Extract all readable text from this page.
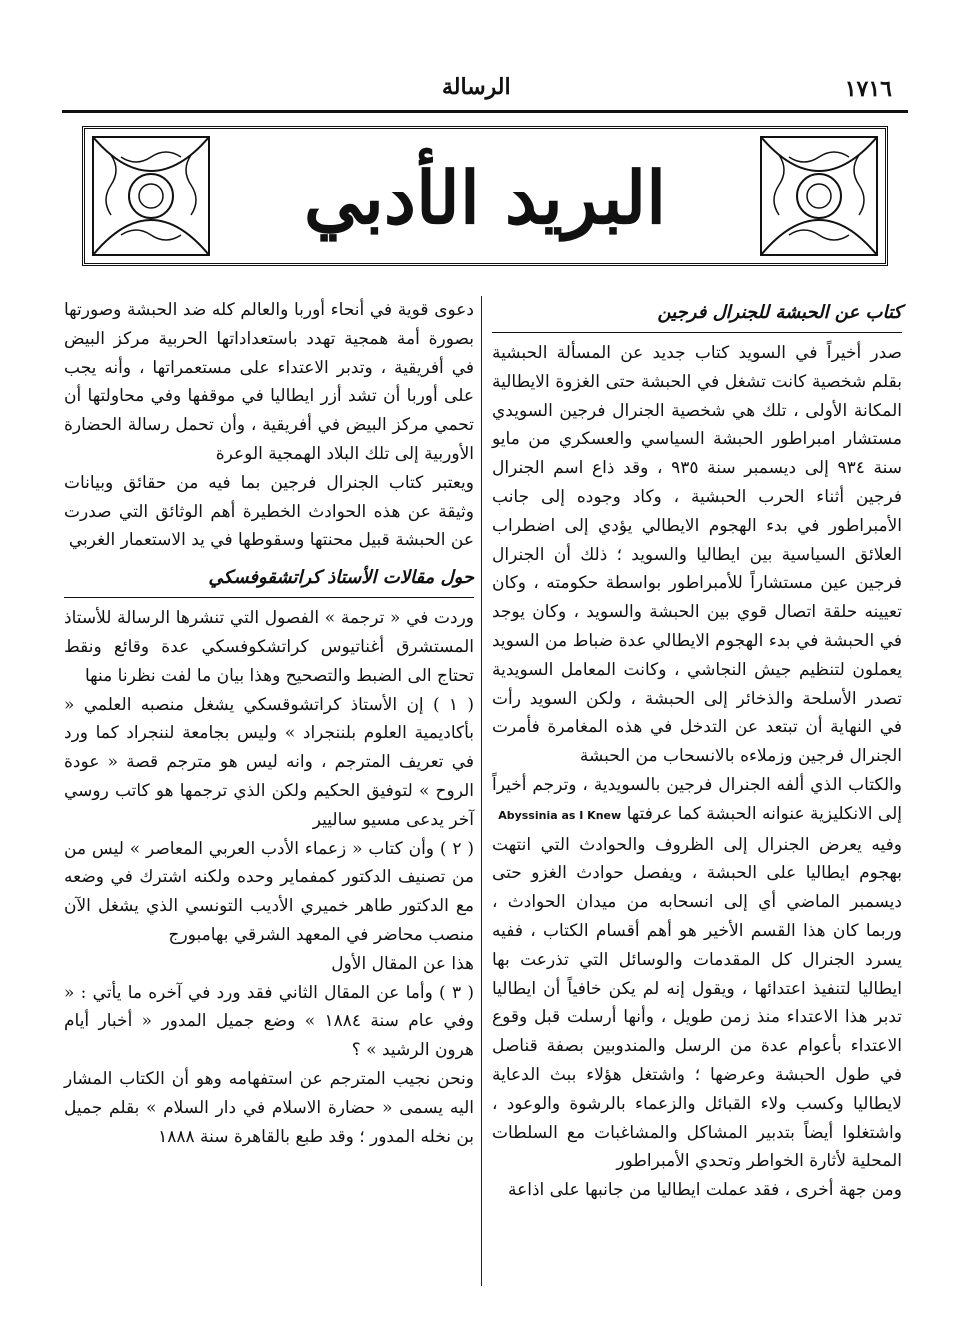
١٧١٦
الرسالة
البريد الأدبي
كتاب عن الحبشة للجنرال فرجين

صدر أخيراً في السويد كتاب جديد عن المسألة الحبشية بقلم شخصية كانت تشغل في الحبشة حتى الغزوة الايطالية المكانة الأولى ، تلك هي شخصية الجنرال فرجين السويدي مستشار امبراطور الحبشة السياسي والعسكري من مايو سنة ٩٣٤ إلى ديسمبر سنة ٩٣٥ ، وقد ذاع اسم الجنرال فرجين أثناء الحرب الحبشية ، وكاد وجوده إلى جانب الأمبراطور في بدء الهجوم الايطالي يؤدي إلى اضطراب العلائق السياسية بين ايطاليا والسويد ؛ ذلك أن الجنرال فرجين عين مستشاراً للأمبراطور بواسطة حكومته ، وكان تعيينه حلقة اتصال قوي بين الحبشة والسويد ، وكان يوجد في الحبشة في بدء الهجوم الايطالي عدة ضباط من السويد يعملون لتنظيم جيش النجاشي ، وكانت المعامل السويدية تصدر الأسلحة والذخائر إلى الحبشة ، ولكن السويد رأت في النهاية أن تبتعد عن التدخل في هذه المغامرة فأمرت الجنرال فرجين وزملاءه بالانسحاب من الحبشة

والكتاب الذي ألفه الجنرال فرجين بالسويدية ، وترجم أخيراً إلى الانكليزية عنوانه الحبشة كما عرفتها Abyssinia as I Knew

وفيه يعرض الجنرال إلى الظروف والحوادث التي انتهت بهجوم ايطاليا على الحبشة ، ويفصل حوادث الغزو حتى ديسمبر الماضي أي إلى انسحابه من ميدان الحوادث ، وربما كان هذا القسم الأخير هو أهم أقسام الكتاب ، ففيه يسرد الجنرال كل المقدمات والوسائل التي تذرعت بها ايطاليا لتنفيذ اعتدائها ، ويقول إنه لم يكن خافياً أن ايطاليا تدبر هذا الاعتداء منذ زمن طويل ، وأنها أرسلت قبل وقوع الاعتداء بأعوام عدة من الرسل والمندوبين بصفة قناصل في طول الحبشة وعرضها ؛ واشتغل هؤلاء ببث الدعاية لايطاليا وكسب ولاء القبائل والزعماء بالرشوة والوعود ، واشتغلوا أيضاً بتدبير المشاكل والمشاغبات مع السلطات المحلية لأثارة الخواطر وتحدي الأمبراطور

ومن جهة أخرى ، فقد عملت ايطاليا من جانبها على اذاعة

دعوى قوية في أنحاء أوربا والعالم كله ضد الحبشة وصورتها بصورة أمة همجية تهدد باستعداداتها الحربية مركز البيض في أفريقية ، وتدبر الاعتداء على مستعمراتها ، وأنه يجب على أوربا أن تشد أزر ايطاليا في موقفها وفي محاولتها أن تحمي مركز البيض في أفريقية ، وأن تحمل رسالة الحضارة الأوربية إلى تلك البلاد الهمجية الوعرة

ويعتبر كتاب الجنرال فرجين بما فيه من حقائق وبيانات وثيقة عن هذه الحوادث الخطيرة أهم الوثائق التي صدرت عن الحبشة قبيل محنتها وسقوطها في يد الاستعمار الغربي

حول مقالات الأستاذ كراتشقوفسكي

وردت في « ترجمة » الفصول التي تنشرها الرسالة للأستاذ المستشرق أغناتيوس كراتشكوفسكي عدة وقائع ونقط تحتاج الى الضبط والتصحيح وهذا بيان ما لفت نظرنا منها

( ١ ) إن الأستاذ كراتشوقسكي يشغل منصبه العلمي « بأكاديمية العلوم بلننجراد » وليس بجامعة لننجراد كما ورد في تعريف المترجم ، وانه ليس هو مترجم قصة « عودة الروح » لتوفيق الحكيم ولكن الذي ترجمها هو كاتب روسي آخر يدعى مسيو ساليير

( ٢ ) وأن كتاب « زعماء الأدب العربي المعاصر » ليس من من تصنيف الدكتور كمفماير وحده ولكنه اشترك في وضعه مع الدكتور طاهر خميري الأديب التونسي الذي يشغل الآن منصب محاضر في المعهد الشرقي بهامبورج

هذا عن المقال الأول

( ٣ ) وأما عن المقال الثاني فقد ورد في آخره ما يأتي : « وفي عام سنة ١٨٨٤ » وضع جميل المدور « أخبار أيام هرون الرشيد » ؟

ونحن نجيب المترجم عن استفهامه وهو أن الكتاب المشار اليه يسمى « حضارة الاسلام في دار السلام » بقلم جميل بن نخله المدور ؛ وقد طبع بالقاهرة سنة ١٨٨٨
